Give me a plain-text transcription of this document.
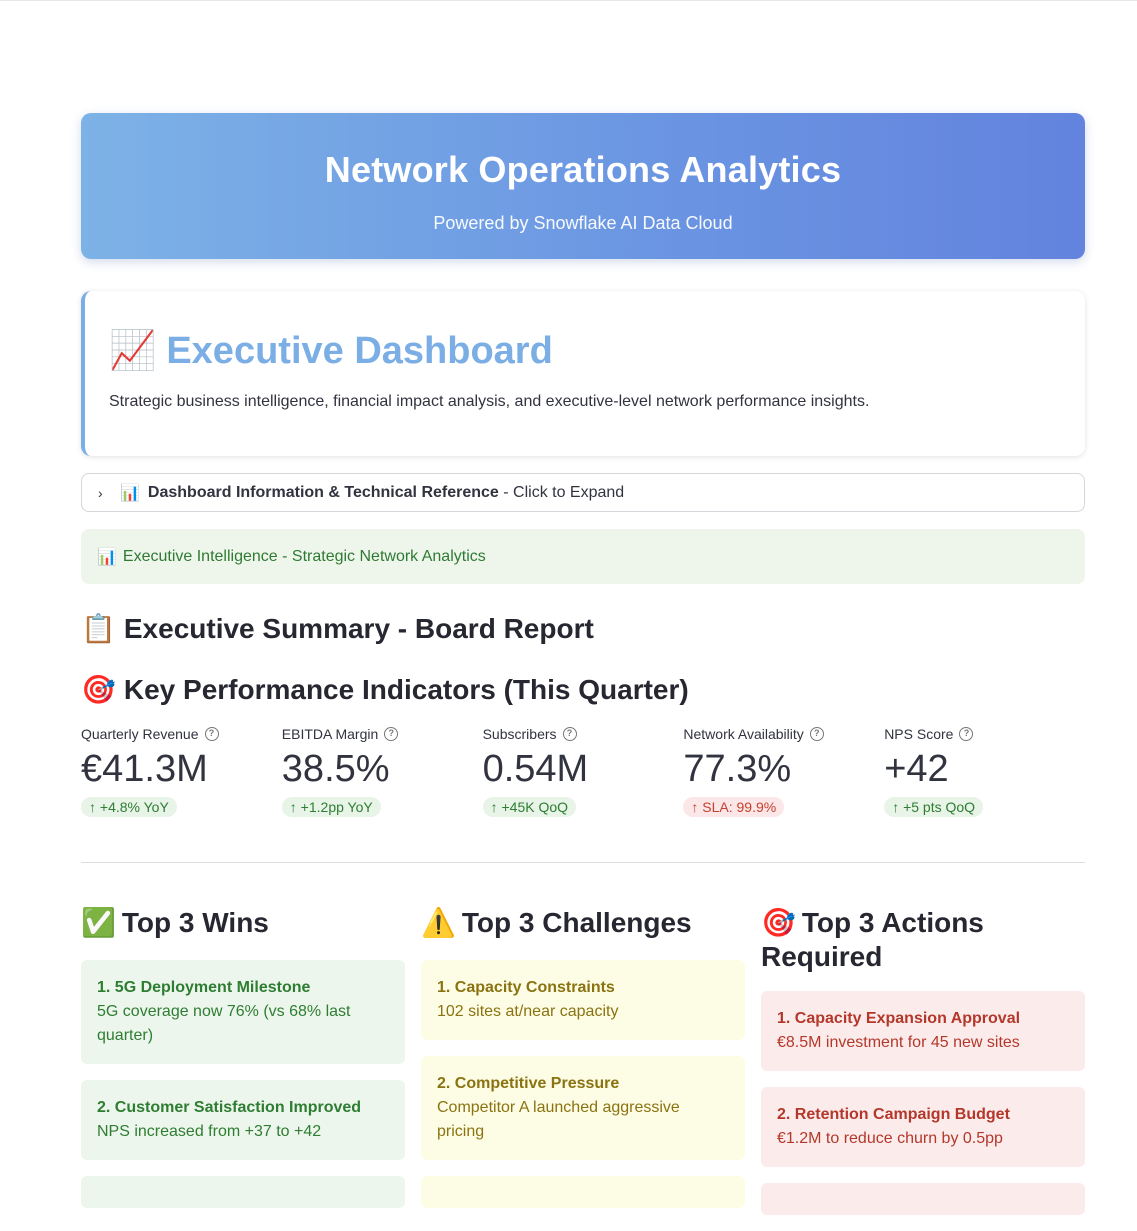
Network Operations Analytics
Powered by Snowflake AI Data Cloud
📈 Executive Dashboard

Strategic business intelligence, financial impact analysis, and executive-level network performance insights.

›	📊 Dashboard Information & Technical Reference - Click to Expand
📊 Executive Intelligence - Strategic Network Analytics
📋 Executive Summary - Board Report
🎯 Key Performance Indicators (This Quarter)
Quarterly Revenue	?
€41.3M
↑ +4.8% YoY
EBITDA Margin	?
38.5%
↑ +1.2pp YoY
Subscribers	?
0.54M
↑ +45K QoQ
Network Availability	?
77.3%
↑ SLA: 99.9%
NPS Score	?
+42
↑ +5 pts QoQ
✅ Top 3 Wins
1. 5G Deployment Milestone
5G coverage now 76% (vs 68% last quarter)
2. Customer Satisfaction Improved
NPS increased from +37 to +42
⚠️ Top 3 Challenges
1. Capacity Constraints
102 sites at/near capacity
2. Competitive Pressure
Competitor A launched aggressive pricing
🎯 Top 3 Actions Required
1. Capacity Expansion Approval
€8.5M investment for 45 new sites
2. Retention Campaign Budget
€1.2M to reduce churn by 0.5pp
